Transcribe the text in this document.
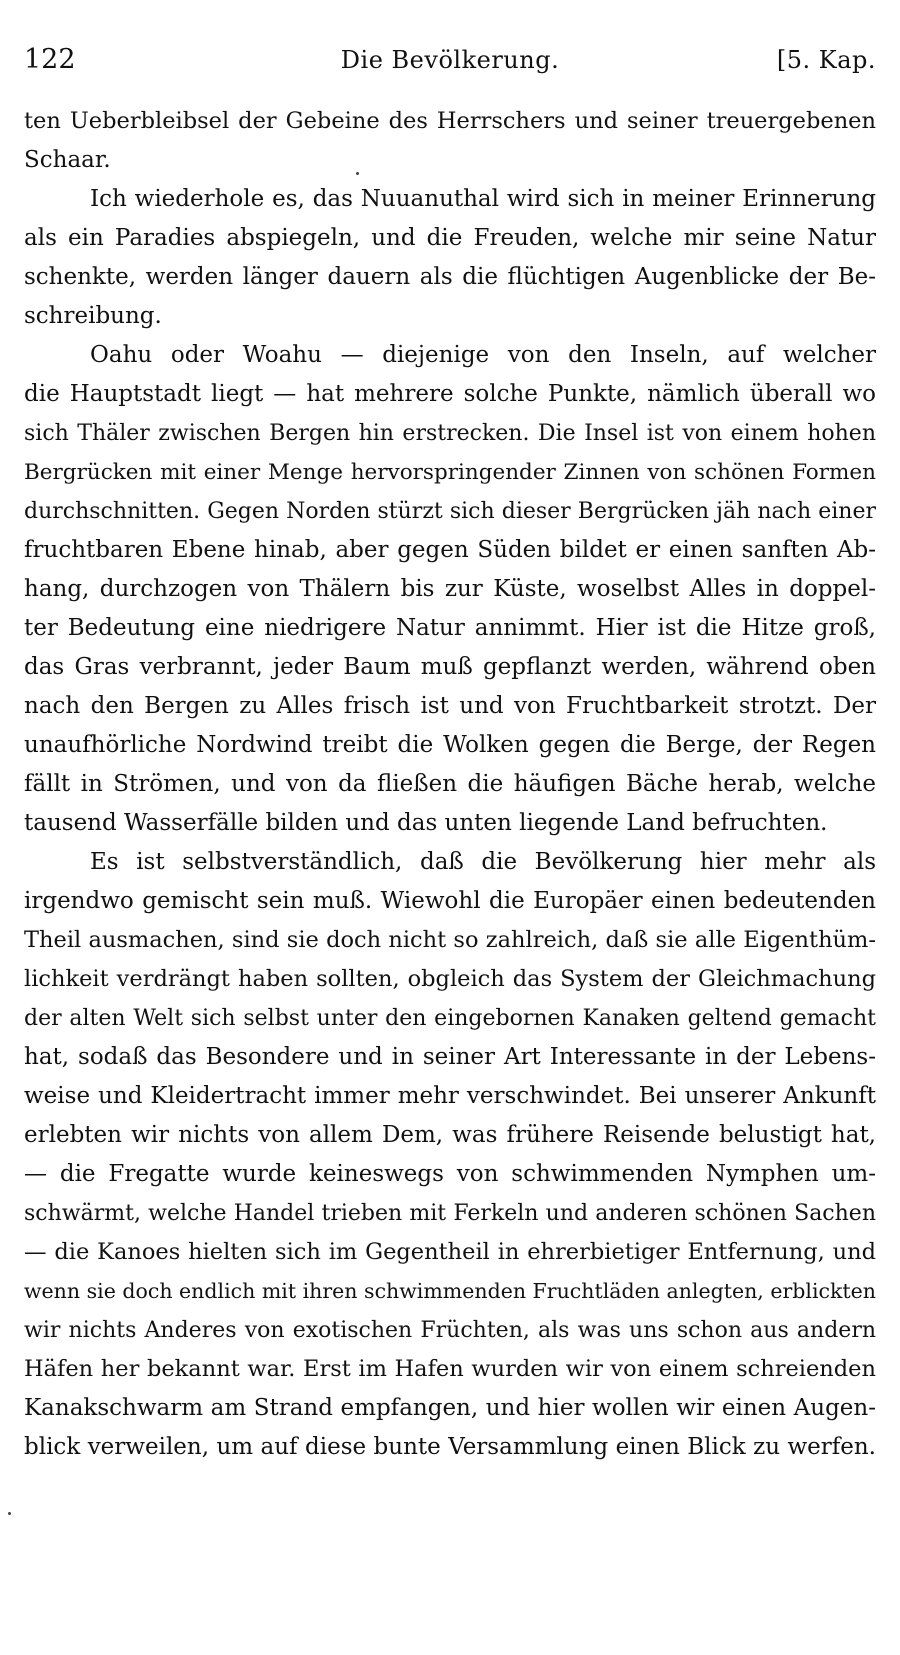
122	Die Bevölkerung.	[5. Kap.
ten Ueberbleibsel der Gebeine des Herrschers und seiner treuergebenen
Schaar.
Ich wiederhole es, das Nuuanuthal wird sich in meiner Erinnerung
als ein Paradies abspiegeln, und die Freuden, welche mir seine Natur
schenkte, werden länger dauern als die flüchtigen Augenblicke der Be-
schreibung.
Oahu oder Woahu — diejenige von den Inseln, auf welcher
die Hauptstadt liegt — hat mehrere solche Punkte, nämlich überall wo
sich Thäler zwischen Bergen hin erstrecken. Die Insel ist von einem hohen
Bergrücken mit einer Menge hervorspringender Zinnen von schönen Formen
durchschnitten. Gegen Norden stürzt sich dieser Bergrücken jäh nach einer
fruchtbaren Ebene hinab, aber gegen Süden bildet er einen sanften Ab-
hang, durchzogen von Thälern bis zur Küste, woselbst Alles in doppel-
ter Bedeutung eine niedrigere Natur annimmt. Hier ist die Hitze groß,
das Gras verbrannt, jeder Baum muß gepflanzt werden, während oben
nach den Bergen zu Alles frisch ist und von Fruchtbarkeit strotzt. Der
unaufhörliche Nordwind treibt die Wolken gegen die Berge, der Regen
fällt in Strömen, und von da fließen die häufigen Bäche herab, welche
tausend Wasserfälle bilden und das unten liegende Land befruchten.
Es ist selbstverständlich, daß die Bevölkerung hier mehr als
irgendwo gemischt sein muß. Wiewohl die Europäer einen bedeutenden
Theil ausmachen, sind sie doch nicht so zahlreich, daß sie alle Eigenthüm-
lichkeit verdrängt haben sollten, obgleich das System der Gleichmachung
der alten Welt sich selbst unter den eingebornen Kanaken geltend gemacht
hat, sodaß das Besondere und in seiner Art Interessante in der Lebens-
weise und Kleidertracht immer mehr verschwindet. Bei unserer Ankunft
erlebten wir nichts von allem Dem, was frühere Reisende belustigt hat,
— die Fregatte wurde keineswegs von schwimmenden Nymphen um-
schwärmt, welche Handel trieben mit Ferkeln und anderen schönen Sachen
— die Kanoes hielten sich im Gegentheil in ehrerbietiger Entfernung, und
wenn sie doch endlich mit ihren schwimmenden Fruchtläden anlegten, erblickten
wir nichts Anderes von exotischen Früchten, als was uns schon aus andern
Häfen her bekannt war. Erst im Hafen wurden wir von einem schreienden
Kanakschwarm am Strand empfangen, und hier wollen wir einen Augen-
blick verweilen, um auf diese bunte Versammlung einen Blick zu werfen.
